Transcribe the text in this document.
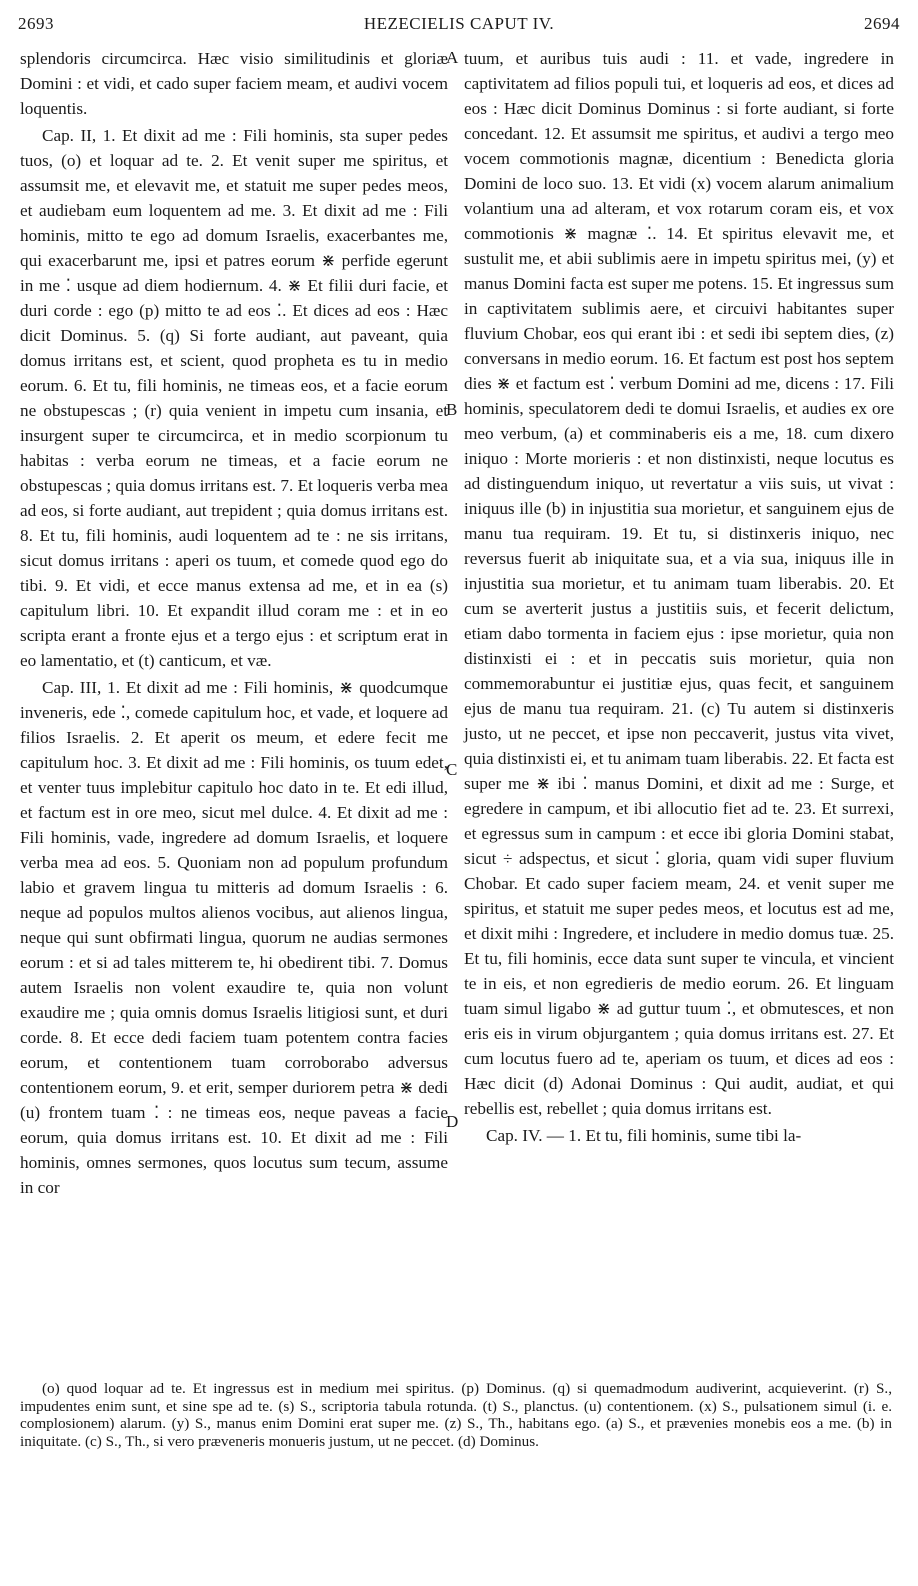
2693	HEZECIELIS CAPUT IV.	2694

splendoris circumcirca. Hæc visio similitudinis et gloriæ Domini : et vidi, et cado super faciem meam, et audivi vocem loquentis.

Cap. II, 1. Et dixit ad me : Fili hominis, sta super pedes tuos, (o) et loquar ad te. 2. Et venit super me spiritus, et assumsit me, et elevavit me, et statuit me super pedes meos, et audiebam eum loquentem ad me. 3. Et dixit ad me : Fili hominis, mitto te ego ad domum Israelis, exacerbantes me, qui exacerbarunt me, ipsi et patres eorum ⋇ perfide egerunt in me ⁚ usque ad diem hodiernum. 4. ⋇ Et filii duri facie, et duri corde : ego (p) mitto te ad eos ⁚. Et dices ad eos : Hæc dicit Dominus. 5. (q) Si forte audiant, aut paveant, quia domus irritans est, et scient, quod propheta es tu in medio eorum. 6. Et tu, fili hominis, ne timeas eos, et a facie eorum ne obstupescas ; (r) quia venient in impetu cum insania, et insurgent super te circumcirca, et in medio scorpionum tu habitas : verba eorum ne timeas, et a facie eorum ne obstupescas ; quia domus irritans est. 7. Et loqueris verba mea ad eos, si forte audiant, aut trepident ; quia domus irritans est. 8. Et tu, fili hominis, audi loquentem ad te : ne sis irritans, sicut domus irritans : aperi os tuum, et comede quod ego do tibi. 9. Et vidi, et ecce manus extensa ad me, et in ea (s) capitulum libri. 10. Et expandit illud coram me : et in eo scripta erant a fronte ejus et a tergo ejus : et scriptum erat in eo lamentatio, et (t) canticum, et væ.

Cap. III, 1. Et dixit ad me : Fili hominis, ⋇ quodcumque inveneris, ede ⁚, comede capitulum hoc, et vade, et loquere ad filios Israelis. 2. Et aperit os meum, et edere fecit me capitulum hoc. 3. Et dixit ad me : Fili hominis, os tuum edet, et venter tuus implebitur capitulo hoc dato in te. Et edi illud, et factum est in ore meo, sicut mel dulce. 4. Et dixit ad me : Fili hominis, vade, ingredere ad domum Israelis, et loquere verba mea ad eos. 5. Quoniam non ad populum profundum labio et gravem lingua tu mitteris ad domum Israelis : 6. neque ad populos multos alienos vocibus, aut alienos lingua, neque qui sunt obfirmati lingua, quorum ne audias sermones eorum : et si ad tales mitterem te, hi obedirent tibi. 7. Domus autem Israelis non volent exaudire te, quia non volunt exaudire me ; quia omnis domus Israelis litigiosi sunt, et duri corde. 8. Et ecce dedi faciem tuam potentem contra facies eorum, et contentionem tuam corroborabo adversus contentionem eorum, 9. et erit, semper duriorem petra ⋇ dedi (u) frontem tuam ⁚ : ne timeas eos, neque paveas a facie eorum, quia domus irritans est. 10. Et dixit ad me : Fili hominis, omnes sermones, quos locutus sum tecum, assume in cor

A
B
C
D

tuum, et auribus tuis audi : 11. et vade, ingredere in captivitatem ad filios populi tui, et loqueris ad eos, et dices ad eos : Hæc dicit Dominus Dominus : si forte audiant, si forte concedant. 12. Et assumsit me spiritus, et audivi a tergo meo vocem commotionis magnæ, dicentium : Benedicta gloria Domini de loco suo. 13. Et vidi (x) vocem alarum animalium volantium una ad alteram, et vox rotarum coram eis, et vox commotionis ⋇ magnæ ⁚. 14. Et spiritus elevavit me, et sustulit me, et abii sublimis aere in impetu spiritus mei, (y) et manus Domini facta est super me potens. 15. Et ingressus sum in captivitatem sublimis aere, et circuivi habitantes super fluvium Chobar, eos qui erant ibi : et sedi ibi septem dies, (z) conversans in medio eorum. 16. Et factum est post hos septem dies ⋇ et factum est ⁚ verbum Domini ad me, dicens : 17. Fili hominis, speculatorem dedi te domui Israelis, et audies ex ore meo verbum, (a) et comminaberis eis a me, 18. cum dixero iniquo : Morte morieris : et non distinxisti, neque locutus es ad distinguendum iniquo, ut revertatur a viis suis, ut vivat : iniquus ille (b) in injustitia sua morietur, et sanguinem ejus de manu tua requiram. 19. Et tu, si distinxeris iniquo, nec reversus fuerit ab iniquitate sua, et a via sua, iniquus ille in injustitia sua morietur, et tu animam tuam liberabis. 20. Et cum se averterit justus a justitiis suis, et fecerit delictum, etiam dabo tormenta in faciem ejus : ipse morietur, quia non distinxisti ei : et in peccatis suis morietur, quia non commemorabuntur ei justitiæ ejus, quas fecit, et sanguinem ejus de manu tua requiram. 21. (c) Tu autem si distinxeris justo, ut ne peccet, et ipse non peccaverit, justus vita vivet, quia distinxisti ei, et tu animam tuam liberabis. 22. Et facta est super me ⋇ ibi ⁚ manus Domini, et dixit ad me : Surge, et egredere in campum, et ibi allocutio fiet ad te. 23. Et surrexi, et egressus sum in campum : et ecce ibi gloria Domini stabat, sicut ÷ adspectus, et sicut ⁚ gloria, quam vidi super fluvium Chobar. Et cado super faciem meam, 24. et venit super me spiritus, et statuit me super pedes meos, et locutus est ad me, et dixit mihi : Ingredere, et includere in medio domus tuæ. 25. Et tu, fili hominis, ecce data sunt super te vincula, et vincient te in eis, et non egredieris de medio eorum. 26. Et linguam tuam simul ligabo ⋇ ad guttur tuum ⁚, et obmutesces, et non eris eis in virum objurgantem ; quia domus irritans est. 27. Et cum locutus fuero ad te, aperiam os tuum, et dices ad eos : Hæc dicit (d) Adonai Dominus : Qui audit, audiat, et qui rebellis est, rebellet ; quia domus irritans est.

Cap. IV. — 1. Et tu, fili hominis, sume tibi la-

(o) quod loquar ad te. Et ingressus est in medium mei spiritus. (p) Dominus. (q) si quemadmodum audiverint, acquieverint. (r) S., impudentes enim sunt, et sine spe ad te. (s) S., scriptoria tabula rotunda. (t) S., planctus. (u) contentionem. (x) S., pulsationem simul (i. e. complosionem) alarum. (y) S., manus enim Domini erat super me. (z) S., Th., habitans ego. (a) S., et prævenies monebis eos a me. (b) in iniquitate. (c) S., Th., si vero præveneris monueris justum, ut ne peccet. (d) Dominus.
